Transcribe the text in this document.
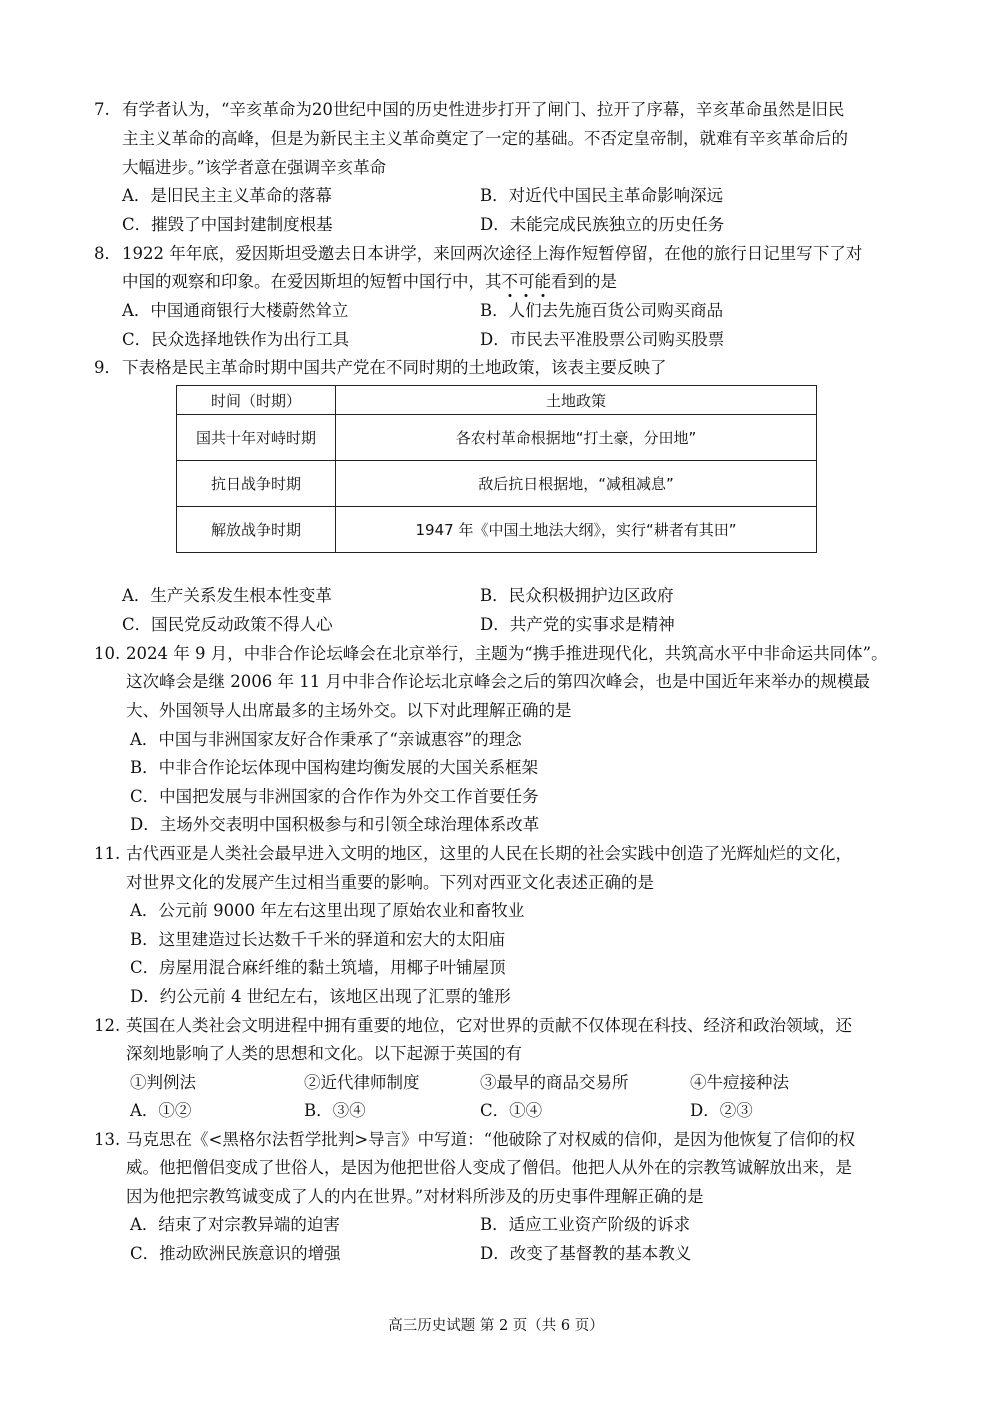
7. 有学者认为，“辛亥革命为20世纪中国的历史性进步打开了闸门、拉开了序幕，辛亥革命虽然是旧民
主主义革命的高峰，但是为新民主主义革命奠定了一定的基础。不否定皇帝制，就难有辛亥革命后的
大幅进步。”该学者意在强调辛亥革命
A．是旧民主主义革命的落幕	B．对近代中国民主革命影响深远
C．摧毁了中国封建制度根基	D．未能完成民族独立的历史任务
8． 1922 年年底，爱因斯坦受邀去日本讲学，来回两次途径上海作短暂停留，在他的旅行日记里写下了对
中国的观察和印象。在爱因斯坦的短暂中国行中，其不可能看到的是
A．中国通商银行大楼蔚然耸立	B．人们去先施百货公司购买商品
C．民众选择地铁作为出行工具	D．市民去平准股票公司购买股票
9． 下表格是民主革命时期中国共产党在不同时期的土地政策，该表主要反映了
时间（时期）	土地政策
国共十年对峙时期	各农村革命根据地“打土豪，分田地”
抗日战争时期	敌后抗日根据地，“减租减息”
解放战争时期	1947 年《中国土地法大纲》，实行“耕者有其田”
A．生产关系发生根本性变革	B．民众积极拥护边区政府
C．国民党反动政策不得人心	D．共产党的实事求是精神
10. 2024 年 9 月，中非合作论坛峰会在北京举行，主题为“携手推进现代化，共筑高水平中非命运共同体”。
这次峰会是继 2006 年 11 月中非合作论坛北京峰会之后的第四次峰会，也是中国近年来举办的规模最
大、外国领导人出席最多的主场外交。以下对此理解正确的是
A．中国与非洲国家友好合作秉承了“亲诚惠容”的理念
B．中非合作论坛体现中国构建均衡发展的大国关系框架
C．中国把发展与非洲国家的合作作为外交工作首要任务
D．主场外交表明中国积极参与和引领全球治理体系改革
11. 古代西亚是人类社会最早进入文明的地区，这里的人民在长期的社会实践中创造了光辉灿烂的文化，
对世界文化的发展产生过相当重要的影响。下列对西亚文化表述正确的是
A．公元前 9000 年左右这里出现了原始农业和畜牧业
B．这里建造过长达数千千米的驿道和宏大的太阳庙
C．房屋用混合麻纤维的黏土筑墙，用椰子叶铺屋顶
D．约公元前 4 世纪左右，该地区出现了汇票的雏形
12. 英国在人类社会文明进程中拥有重要的地位，它对世界的贡献不仅体现在科技、经济和政治领域，还
深刻地影响了人类的思想和文化。以下起源于英国的有
①判例法	②近代律师制度	③最早的商品交易所	④牛痘接种法
A．①②	B．③④	C．①④	D．②③
13. 马克思在《<黑格尔法哲学批判>导言》中写道：“他破除了对权威的信仰，是因为他恢复了信仰的权
威。他把僧侣变成了世俗人，是因为他把世俗人变成了僧侣。他把人从外在的宗教笃诚解放出来，是
因为他把宗教笃诚变成了人的内在世界。”对材料所涉及的历史事件理解正确的是
A．结束了对宗教异端的迫害	B．适应工业资产阶级的诉求
C．推动欧洲民族意识的增强	D．改变了基督教的基本教义
高三历史试题 第 2 页（共 6 页）
